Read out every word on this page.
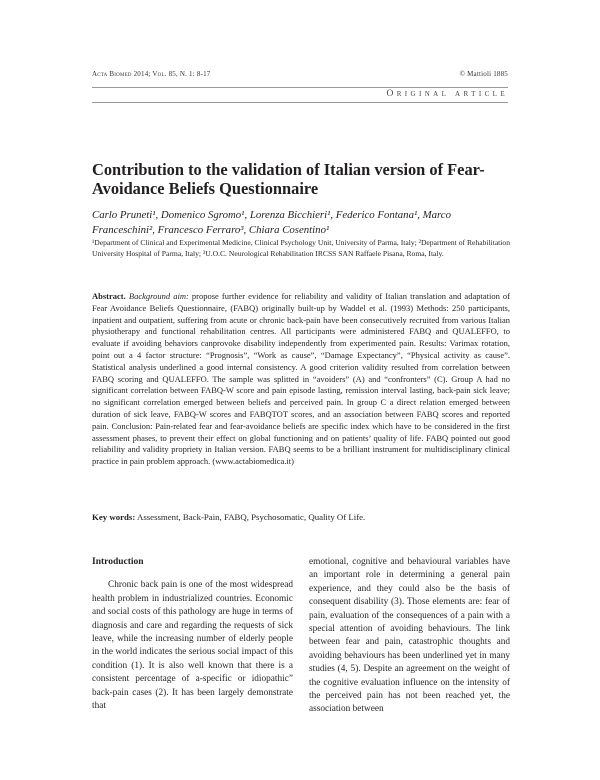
Acta Biomed 2014; Vol. 85, N. 1: 8-17	© Mattioli 1885
Original article
Contribution to the validation of Italian version of Fear-Avoidance Beliefs Questionnaire
Carlo Pruneti¹, Domenico Sgromo¹, Lorenza Bicchieri¹, Federico Fontana¹, Marco Franceschini², Francesco Ferraro³, Chiara Cosentino¹
¹Department of Clinical and Experimental Medicine, Clinical Psychology Unit, University of Parma, Italy; ²Department of Rehabilitation University Hospital of Parma, Italy; ³U.O.C. Neurological Rehabilitation IRCSS SAN Raffaele Pisana, Roma, Italy.

Abstract. Background aim: propose further evidence for reliability and validity of Italian translation and adaptation of Fear Avoidance Beliefs Questionnaire, (FABQ) originally built-up by Waddel et al. (1993) Methods: 250 participants, inpatient and outpatient, suffering from acute or chronic back-pain have been consecutively recruited from various Italian physiotherapy and functional rehabilitation centres. All participants were administered FABQ and QUALEFFO, to evaluate if avoiding behaviors canprovoke disability independently from experimented pain. Results: Varimax rotation, point out a 4 factor structure: “Prognosis”, “Work as cause”, “Damage Expectancy”, “Physical activity as cause”. Statistical analysis underlined a good internal consistency. A good criterion validity resulted from correlation between FABQ scoring and QUALEFFO. The sample was splitted in “avoiders” (A) and “confronters” (C). Group A had no significant correlation between FABQ-W score and pain episode lasting, remission interval lasting, back-pain sick leave; no significant correlation emerged between beliefs and perceived pain. In group C a direct relation emerged between duration of sick leave, FABQ-W scores and FABQTOT scores, and an association between FABQ scores and reported pain. Conclusion: Pain-related fear and fear-avoidance beliefs are specific index which have to be considered in the first assessment phases, to prevent their effect on global functioning and on patients’ quality of life. FABQ pointed out good reliability and validity propriety in Italian version. FABQ seems to be a brilliant instrument for multidisciplinary clinical practice in pain problem approach. (www.actabiomedica.it)

Key words: Assessment, Back-Pain, FABQ, Psychosomatic, Quality Of Life.
Introduction

Chronic back pain is one of the most widespread health problem in industrialized countries. Economic and social costs of this pathology are huge in terms of diagnosis and care and regarding the requests of sick leave, while the increasing number of elderly people in the world indicates the serious social impact of this condition (1). It is also well known that there is a consistent percentage of a-specific or idiopathic” back-pain cases (2). It has been largely demonstrate that

emotional, cognitive and behavioural variables have an important role in determining a general pain experience, and they could also be the basis of consequent disability (3). Those elements are: fear of pain, evaluation of the consequences of a pain with a special attention of avoiding behaviours. The link between fear and pain, catastrophic thoughts and avoiding behaviours has been underlined yet in many studies (4, 5). Despite an agreement on the weight of the cognitive evaluation influence on the intensity of the perceived pain has not been reached yet, the association between
